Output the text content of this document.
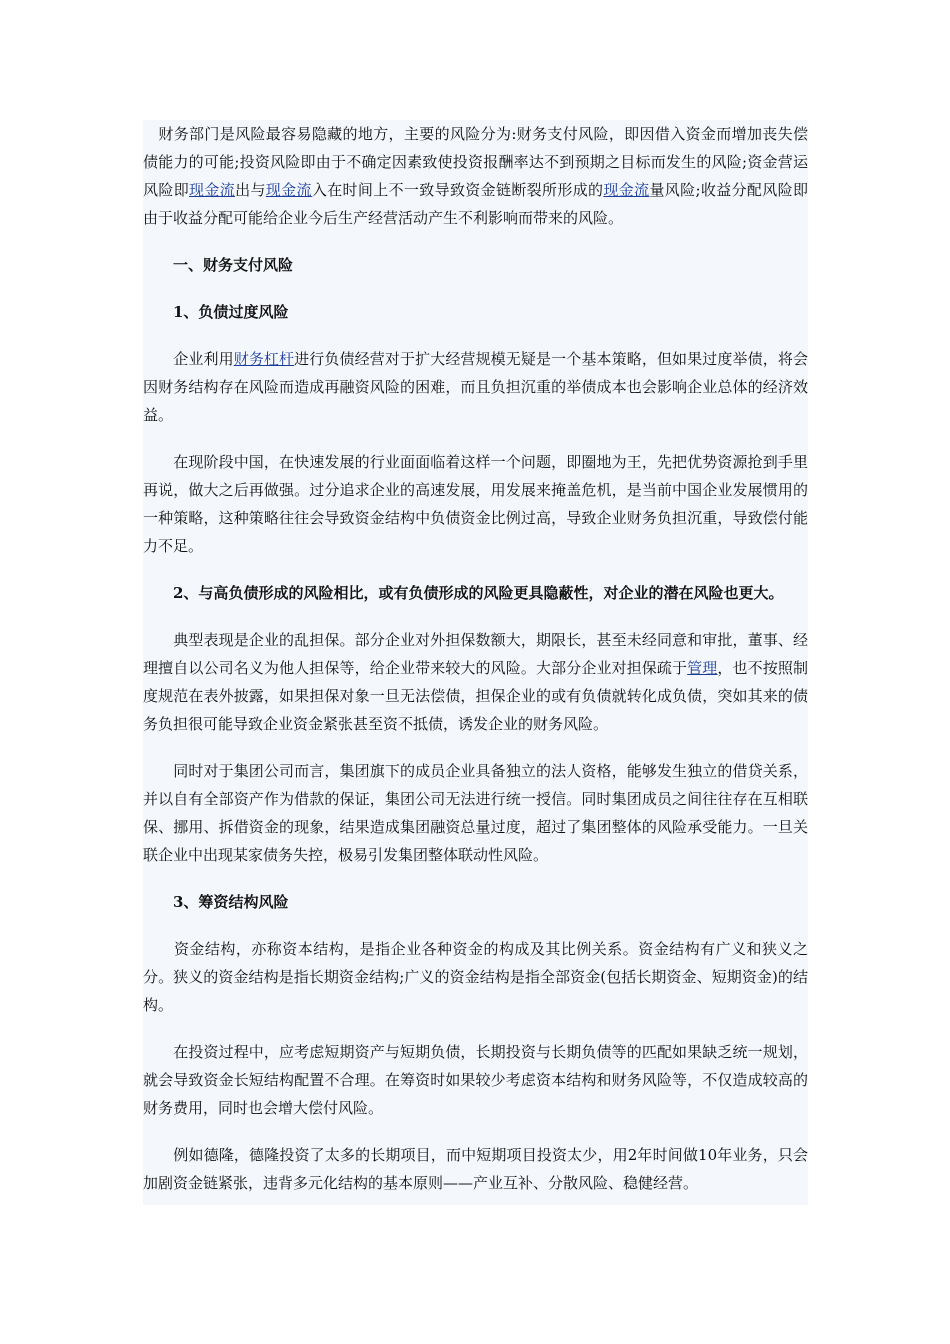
　财务部门是风险最容易隐藏的地方，主要的风险分为:财务支付风险，即因借入资金而增加丧失偿债能力的可能;投资风险即由于不确定因素致使投资报酬率达不到预期之目标而发生的风险;资金营运风险即现金流出与现金流入在时间上不一致导致资金链断裂所形成的现金流量风险;收益分配风险即由于收益分配可能给企业今后生产经营活动产生不利影响而带来的风险。

　　一、财务支付风险

　　1、负债过度风险

　　企业利用财务杠杆进行负债经营对于扩大经营规模无疑是一个基本策略，但如果过度举债，将会因财务结构存在风险而造成再融资风险的困难，而且负担沉重的举债成本也会影响企业总体的经济效益。

　　在现阶段中国，在快速发展的行业面面临着这样一个问题，即圈地为王，先把优势资源抢到手里再说，做大之后再做强。过分追求企业的高速发展，用发展来掩盖危机，是当前中国企业发展惯用的一种策略，这种策略往往会导致资金结构中负债资金比例过高，导致企业财务负担沉重，导致偿付能力不足。

　　2、与高负债形成的风险相比，或有负债形成的风险更具隐蔽性，对企业的潜在风险也更大。

　　典型表现是企业的乱担保。部分企业对外担保数额大，期限长，甚至未经同意和审批，董事、经理擅自以公司名义为他人担保等，给企业带来较大的风险。大部分企业对担保疏于管理，也不按照制度规范在表外披露，如果担保对象一旦无法偿债，担保企业的或有负债就转化成负债，突如其来的债务负担很可能导致企业资金紧张甚至资不抵债，诱发企业的财务风险。

　　同时对于集团公司而言，集团旗下的成员企业具备独立的法人资格，能够发生独立的借贷关系，并以自有全部资产作为借款的保证，集团公司无法进行统一授信。同时集团成员之间往往存在互相联保、挪用、拆借资金的现象，结果造成集团融资总量过度，超过了集团整体的风险承受能力。一旦关联企业中出现某家债务失控，极易引发集团整体联动性风险。

　　3、筹资结构风险

　　资金结构，亦称资本结构，是指企业各种资金的构成及其比例关系。资金结构有广义和狭义之分。狭义的资金结构是指长期资金结构;广义的资金结构是指全部资金(包括长期资金、短期资金)的结构。

　　在投资过程中，应考虑短期资产与短期负债，长期投资与长期负债等的匹配如果缺乏统一规划，就会导致资金长短结构配置不合理。在筹资时如果较少考虑资本结构和财务风险等，不仅造成较高的财务费用，同时也会增大偿付风险。

　　例如德隆，德隆投资了太多的长期项目，而中短期项目投资太少，用2年时间做10年业务，只会加剧资金链紧张，违背多元化结构的基本原则——产业互补、分散风险、稳健经营。
